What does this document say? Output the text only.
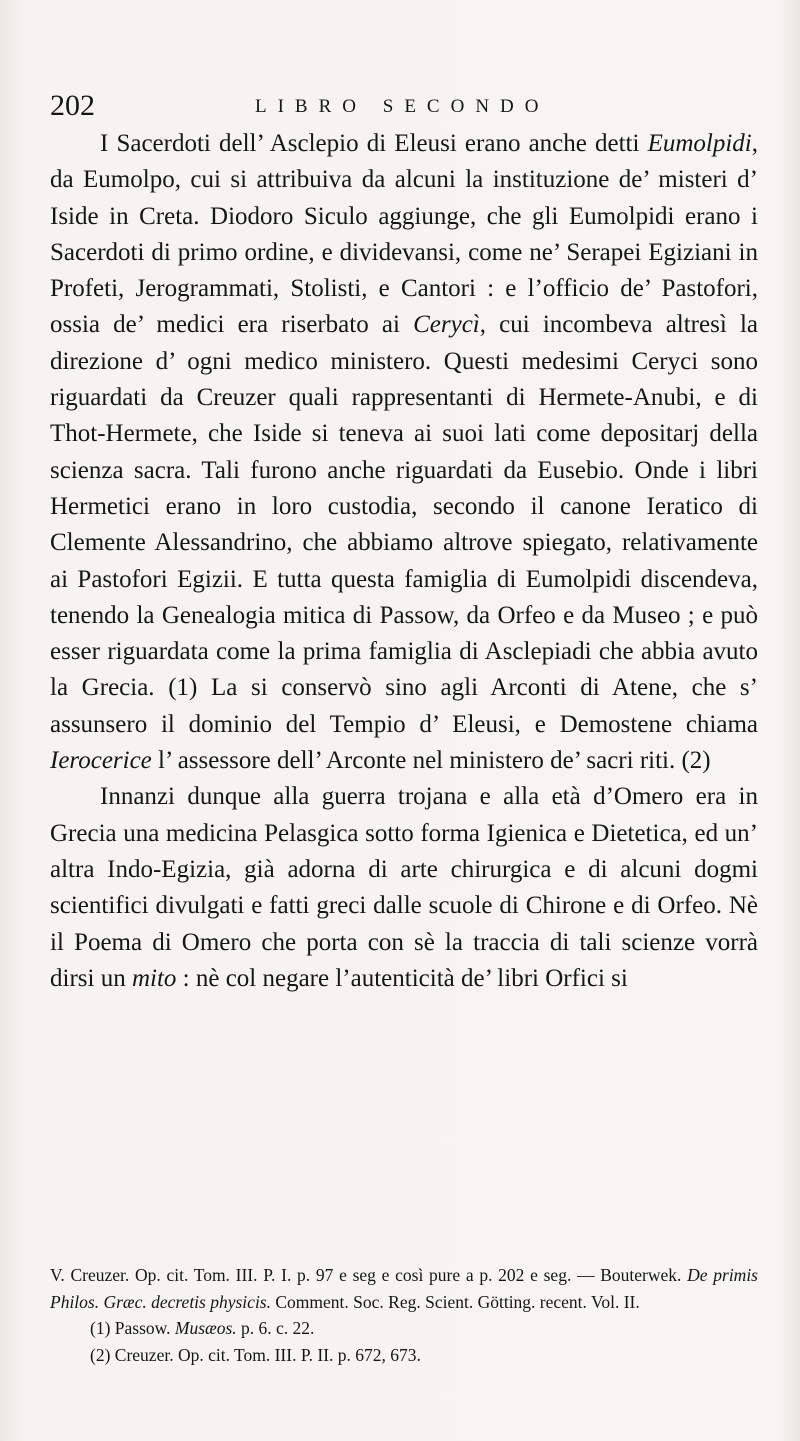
202	LIBRO SECONDO

I Sacerdoti dell’ Asclepio di Eleusi erano anche detti Eumolpidi, da Eumolpo, cui si attribuiva da alcuni la instituzione de’ misteri d’ Iside in Creta. Diodoro Siculo aggiunge, che gli Eumolpidi erano i Sacerdoti di primo ordine, e dividevansi, come ne’ Serapei Egiziani in Profeti, Jerogrammati, Stolisti, e Cantori : e l’officio de’ Pastofori, ossia de’ medici era riserbato ai Cerycì, cui incombeva altresì la direzione d’ ogni medico ministero. Questi medesimi Ceryci sono riguardati da Creuzer quali rappresentanti di Hermete-Anubi, e di Thot-Hermete, che Iside si teneva ai suoi lati come depositarj della scienza sacra. Tali furono anche riguardati da Eusebio. Onde i libri Hermetici erano in loro custodia, secondo il canone Ieratico di Clemente Alessandrino, che abbiamo altrove spiegato, relativamente ai Pastofori Egizii. E tutta questa famiglia di Eumolpidi discendeva, tenendo la Genealogia mitica di Passow, da Orfeo e da Museo ; e può esser riguardata come la prima famiglia di Asclepiadi che abbia avuto la Grecia. (1) La si conservò sino agli Arconti di Atene, che s’ assunsero il dominio del Tempio d’ Eleusi, e Demostene chiama Ierocerice l’ assessore dell’ Arconte nel ministero de’ sacri riti. (2)

Innanzi dunque alla guerra trojana e alla età d’Omero era in Grecia una medicina Pelasgica sotto forma Igienica e Dietetica, ed un’ altra Indo-Egizia, già adorna di arte chirurgica e di alcuni dogmi scientifici divulgati e fatti greci dalle scuole di Chirone e di Orfeo. Nè il Poema di Omero che porta con sè la traccia di tali scienze vorrà dirsi un mito : nè col negare l’autenticità de’ libri Orfici si

V. Creuzer. Op. cit. Tom. III. P. I. p. 97 e seg e così pure a p. 202 e seg. — Bouterwek. De primis Philos. Græc. decretis physicis. Comment. Soc. Reg. Scient. Götting. recent. Vol. II.

(1) Passow. Musæos. p. 6. c. 22.

(2) Creuzer. Op. cit. Tom. III. P. II. p. 672, 673.
